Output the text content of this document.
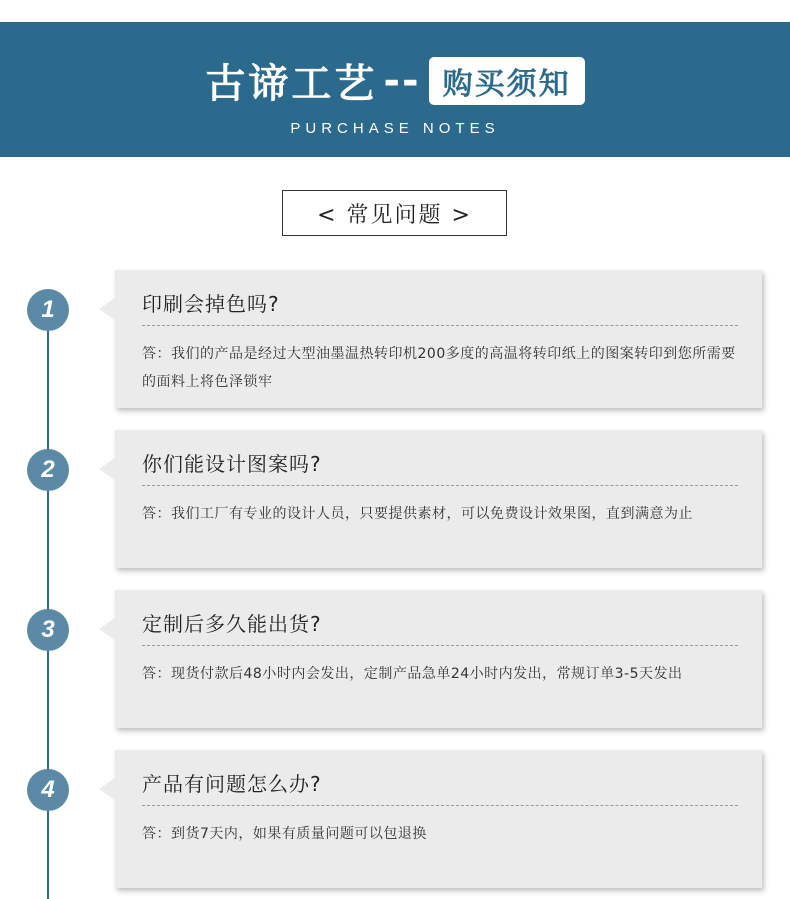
古谛工艺 -- 购买须知
PURCHASE NOTES
< 常见问题 >
1	印刷会掉色吗?
答：我们的产品是经过大型油墨温热转印机200多度的高温将转印纸上的图案转印到您所需要的面料上将色泽锁牢
2	你们能设计图案吗?
答：我们工厂有专业的设计人员，只要提供素材，可以免费设计效果图，直到满意为止
3	定制后多久能出货?
答：现货付款后48小时内会发出，定制产品急单24小时内发出，常规订单3-5天发出
4	产品有问题怎么办?
答：到货7天内，如果有质量问题可以包退换
